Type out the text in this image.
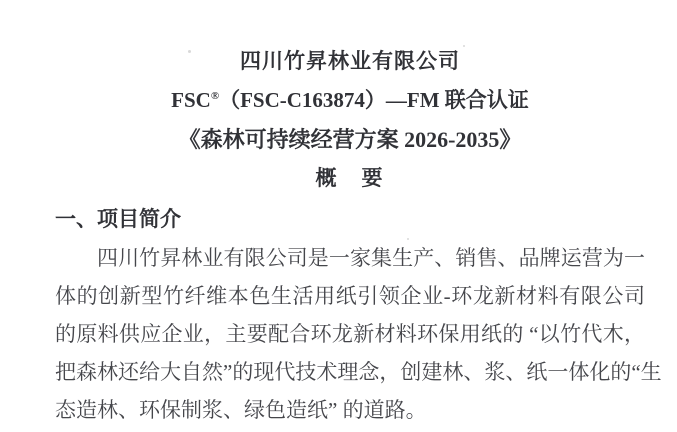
四川竹昇林业有限公司
FSC®（FSC-C163874）—FM 联合认证
《森林可持续经营方案 2026-2035》
概　要
一、项目简介
四川竹昇林业有限公司是一家集生产、销售、品牌运营为一
体的创新型竹纤维本色生活用纸引领企业-环龙新材料有限公司
的原料供应企业，主要配合环龙新材料环保用纸的 “以竹代木，
把森林还给大自然”的现代技术理念，创建林、浆、纸一体化的“生
态造林、环保制浆、绿色造纸” 的道路。
